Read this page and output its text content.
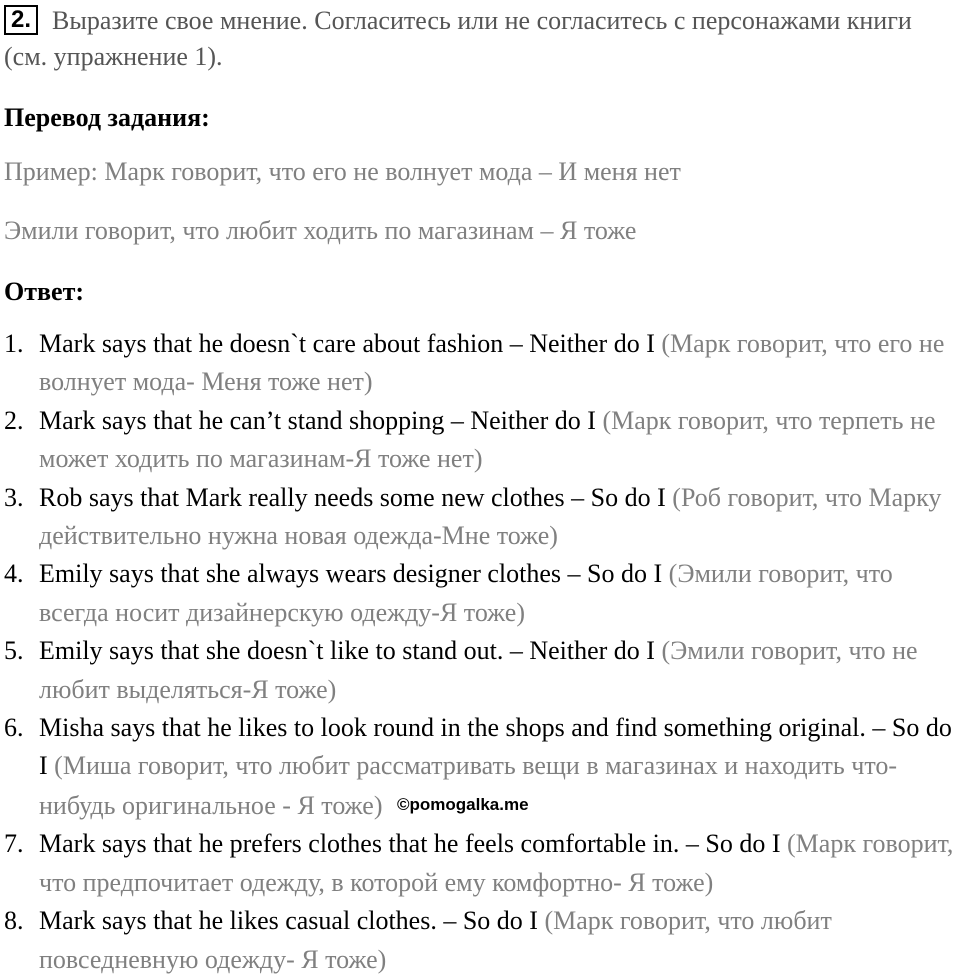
2. Выразите свое мнение. Согласитесь или не согласитесь с персонажами книги (см. упражнение 1).
Перевод задания:
Пример: Марк говорит, что его не волнует мода – И меня нет
Эмили говорит, что любит ходить по магазинам – Я тоже
Ответ:
1. Mark says that he doesn`t care about fashion – Neither do I (Марк говорит, что его не волнует мода- Меня тоже нет)
2. Mark says that he can’t stand shopping – Neither do I (Марк говорит, что терпеть не может ходить по магазинам-Я тоже нет)
3. Rob says that Mark really needs some new clothes – So do I (Роб говорит, что Марку действительно нужна новая одежда-Мне тоже)
4. Emily says that she always wears designer clothes – So do I (Эмили говорит, что всегда носит дизайнерскую одежду-Я тоже)
5. Emily says that she doesn`t like to stand out. – Neither do I (Эмили говорит, что не любит выделяться-Я тоже)
6. Misha says that he likes to look round in the shops and find something original. – So do I (Миша говорит, что любит рассматривать вещи в магазинах и находить что-нибудь оригинальное - Я тоже) ©pomogalka.me
7. Mark says that he prefers clothes that he feels comfortable in. – So do I (Марк говорит, что предпочитает одежду, в которой ему комфортно- Я тоже)
8. Mark says that he likes casual clothes. – So do I (Марк говорит, что любит повседневную одежду- Я тоже)
